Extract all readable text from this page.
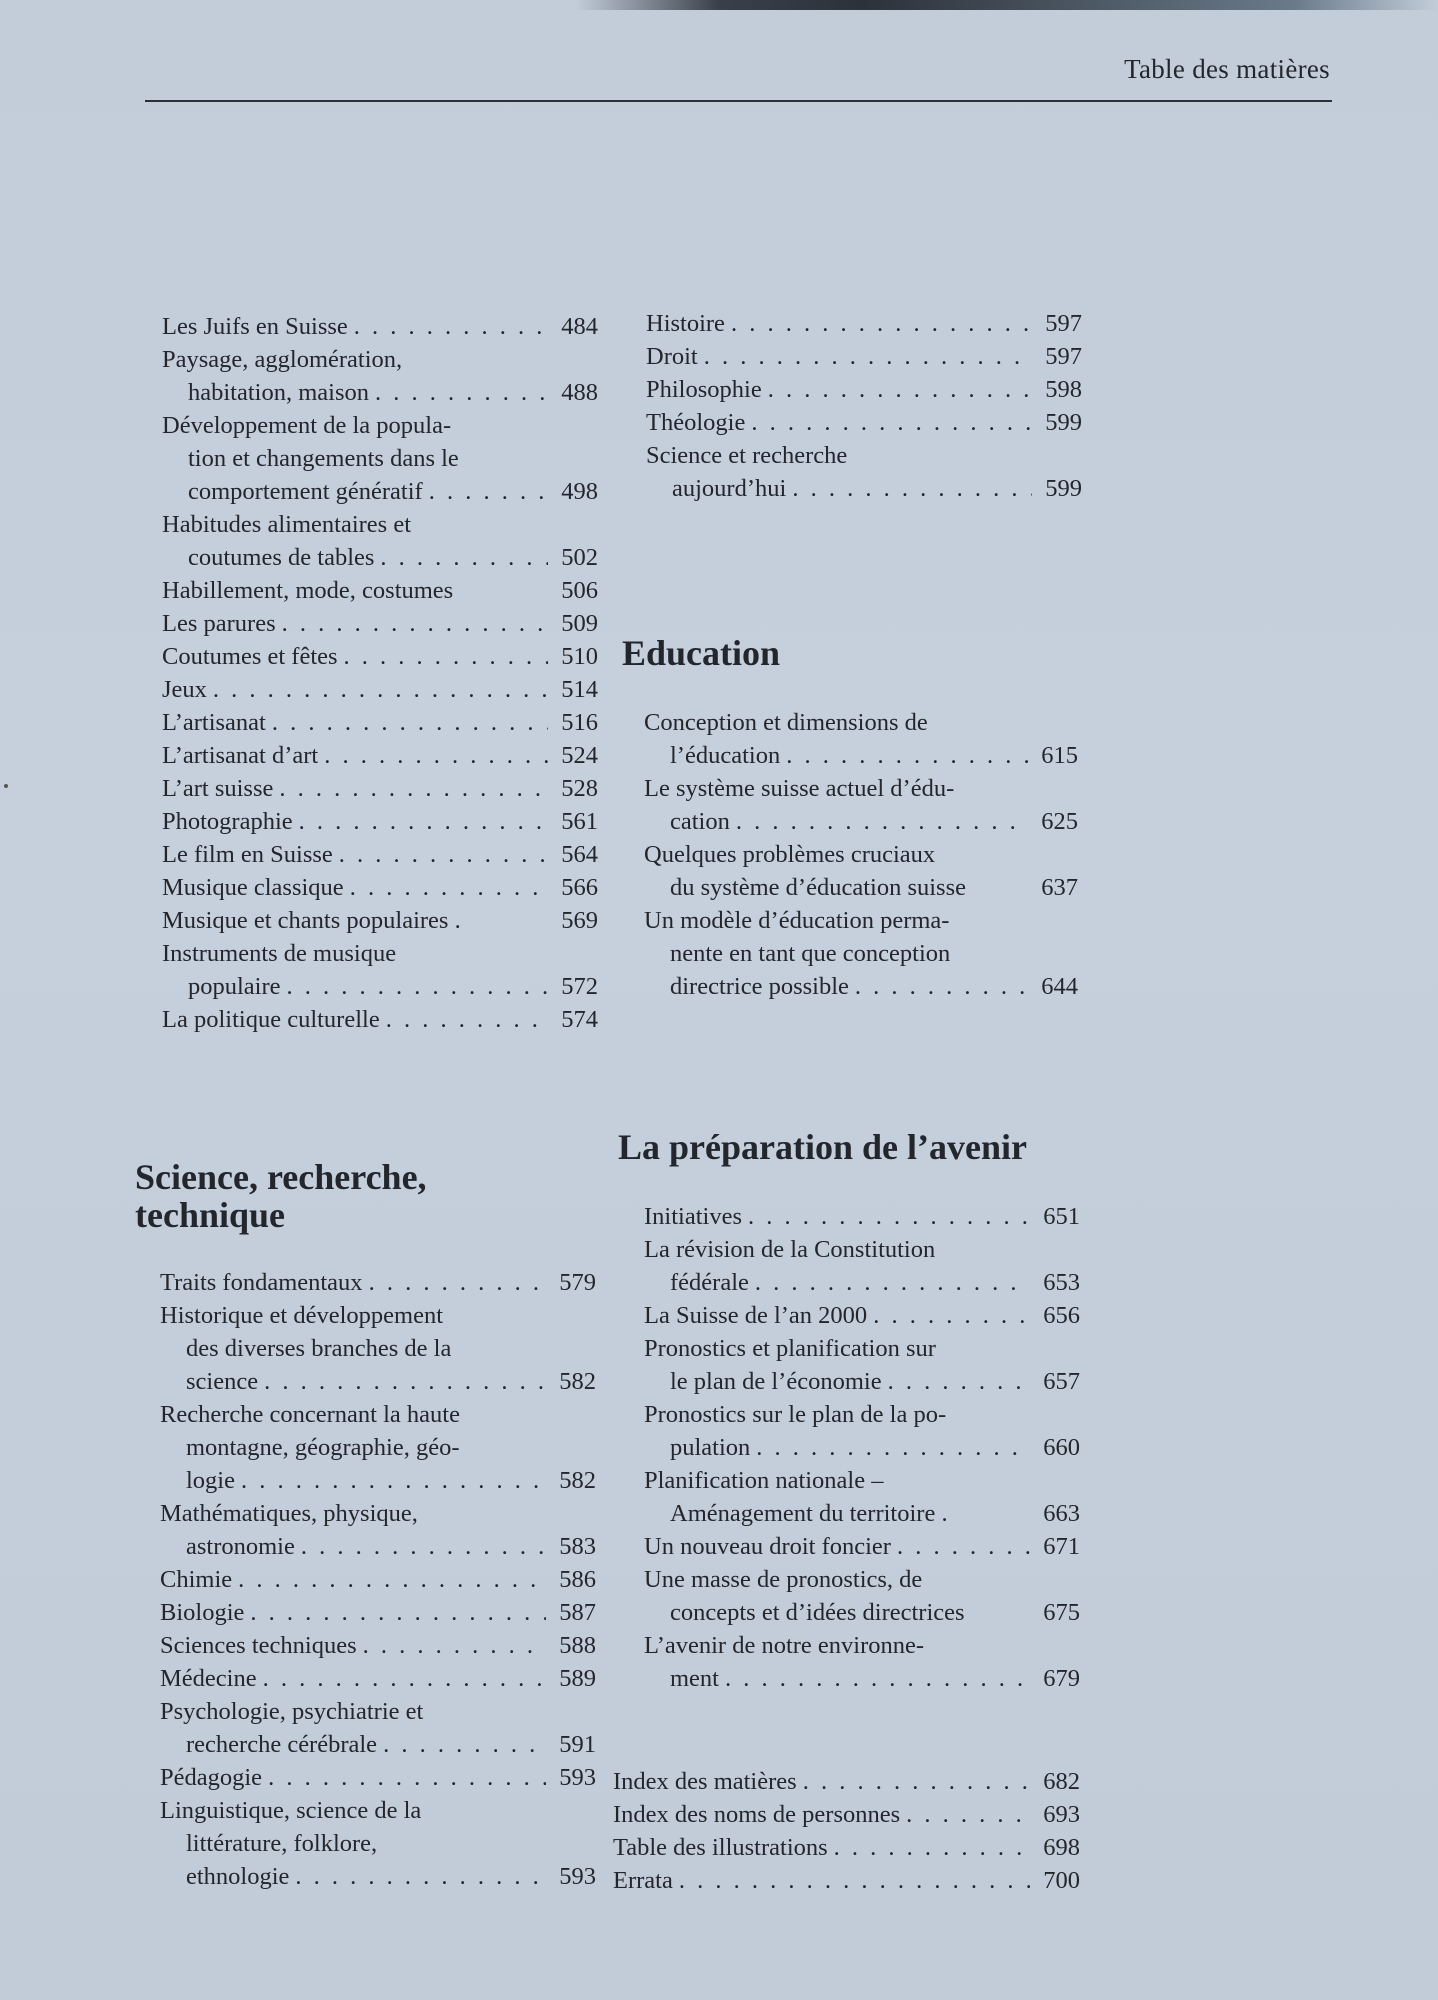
Table des matières
Les Juifs en Suisse . . .	484
Paysage, agglomération,
habitation, maison . . .	488
Développement de la popula-
tion et changements dans le
comportement génératif . . .	498
Habitudes alimentaires et
coutumes de tables . . .	502
Habillement, mode, costumes	506
Les parures . . .	509
Coutumes et fêtes . . .	510
Jeux . . .	514
L’artisanat . . .	516
L’artisanat d’art . . .	524
L’art suisse . . .	528
Photographie . . .	561
Le film en Suisse . . .	564
Musique classique . . .	566
Musique et chants populaires .	569
Instruments de musique
populaire . . .	572
La politique culturelle . . .	574
Histoire . . .	597
Droit . . .	597
Philosophie . . .	598
Théologie . . .	599
Science et recherche
aujourd’hui . . .	599
Education
Conception et dimensions de
l’éducation . . .	615
Le système suisse actuel d’édu-
cation . . .	625
Quelques problèmes cruciaux
du système d’éducation suisse	637
Un modèle d’éducation perma-
nente en tant que conception
directrice possible . . .	644
Science, recherche,
technique
Traits fondamentaux . . .	579
Historique et développement
des diverses branches de la
science . . .	582
Recherche concernant la haute
montagne, géographie, géo-
logie . . .	582
Mathématiques, physique,
astronomie . . .	583
Chimie . . .	586
Biologie . . .	587
Sciences techniques . . .	588
Médecine . . .	589
Psychologie, psychiatrie et
recherche cérébrale . . .	591
Pédagogie . . .	593
Linguistique, science de la
littérature, folklore,
ethnologie . . .	593
La préparation de l’avenir
Initiatives . . .	651
La révision de la Constitution
fédérale . . .	653
La Suisse de l’an 2000 . . .	656
Pronostics et planification sur
le plan de l’économie . . .	657
Pronostics sur le plan de la po-
pulation . . .	660
Planification nationale –
Aménagement du territoire .	663
Un nouveau droit foncier . . .	671
Une masse de pronostics, de
concepts et d’idées directrices	675
L’avenir de notre environne-
ment . . .	679
Index des matières . . .	682
Index des noms de personnes . . .	693
Table des illustrations . . .	698
Errata . . .	700
